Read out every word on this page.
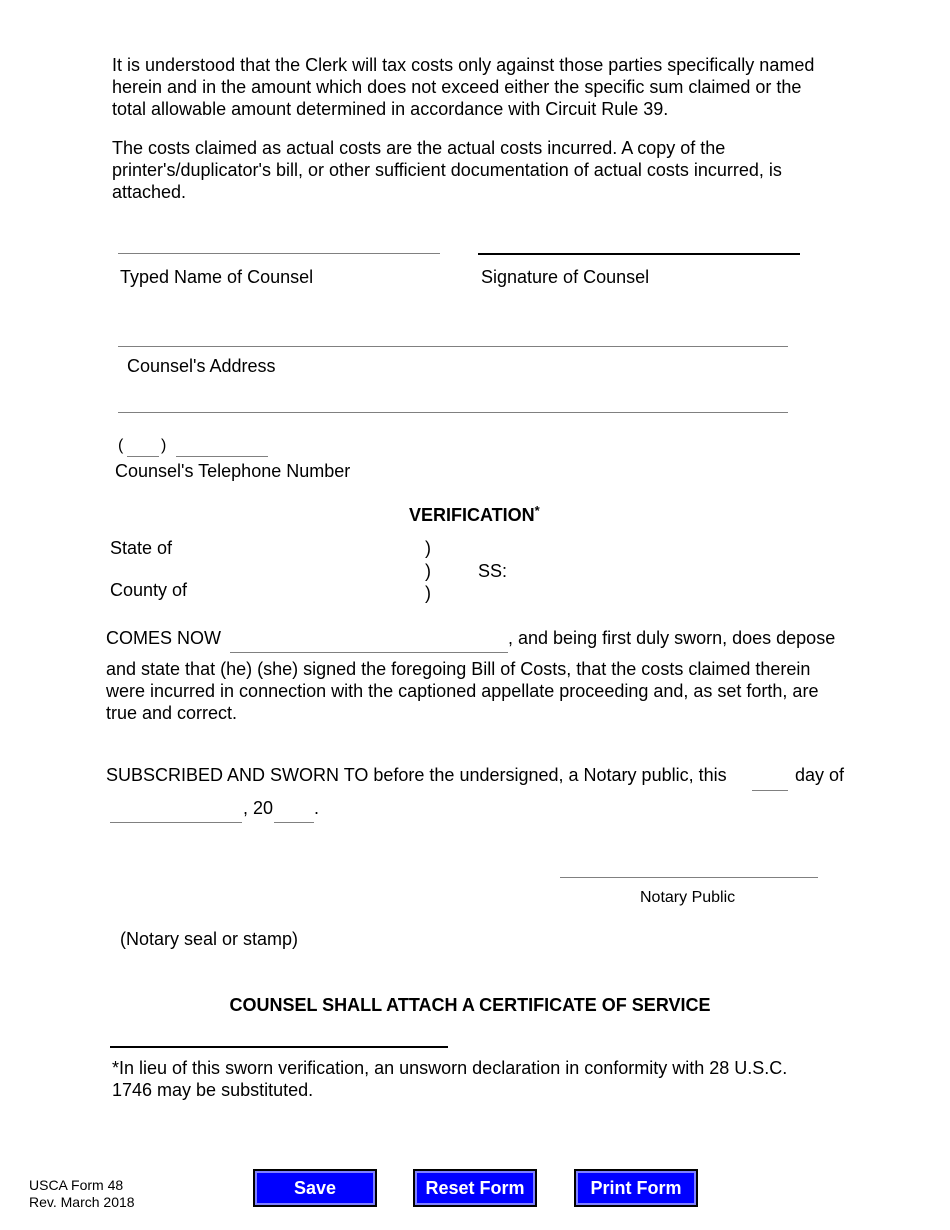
It is understood that the Clerk will tax costs only against those parties specifically named herein and in the amount which does not exceed either the specific sum claimed or the total allowable amount determined in accordance with Circuit Rule 39.
The costs claimed as actual costs are the actual costs incurred. A copy of the printer's/duplicator's bill, or other sufficient documentation of actual costs incurred, is attached.
Typed Name of Counsel	Signature of Counsel
Counsel's Address
( )
Counsel's Telephone Number
VERIFICATION*
State of	)
)	SS:
County of	)
COMES NOW	, and being first duly sworn, does depose
and state that (he) (she) signed the foregoing Bill of Costs, that the costs claimed therein were incurred in connection with the captioned appellate proceeding and, as set forth, are true and correct.
SUBSCRIBED AND SWORN TO before the undersigned, a Notary public, this	day of
, 20 .
Notary Public
(Notary seal or stamp)
COUNSEL SHALL ATTACH A CERTIFICATE OF SERVICE
*In lieu of this sworn verification, an unsworn declaration in conformity with 28 U.S.C. 1746 may be substituted.
USCA Form 48
Rev. March 2018
Save	Reset Form	Print Form
